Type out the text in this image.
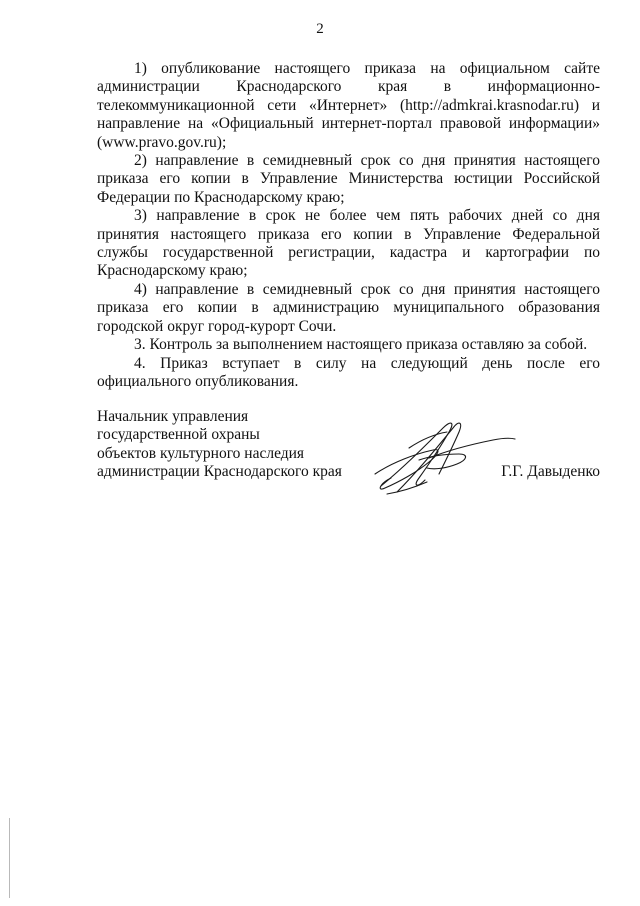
2

1) опубликование настоящего приказа на официальном сайте администрации Краснодарского края в информационно-телекоммуникационной сети «Интернет» (http://admkrai.krasnodar.ru) и направление на «Официальный интернет-портал правовой информации» (www.pravo.gov.ru);

2) направление в семидневный срок со дня принятия настоящего приказа его копии в Управление Министерства юстиции Российской Федерации по Краснодарскому краю;

3) направление в срок не более чем пять рабочих дней со дня принятия настоящего приказа его копии в Управление Федеральной службы государственной регистрации, кадастра и картографии по Краснодарскому краю;

4) направление в семидневный срок со дня принятия настоящего приказа его копии в администрацию муниципального образования городской округ город-курорт Сочи.

3. Контроль за выполнением настоящего приказа оставляю за собой.

4. Приказ вступает в силу на следующий день после его официального опубликования.

Начальник управления
государственной охраны
объектов культурного наследия
администрации Краснодарского края	Г.Г. Давыденко
